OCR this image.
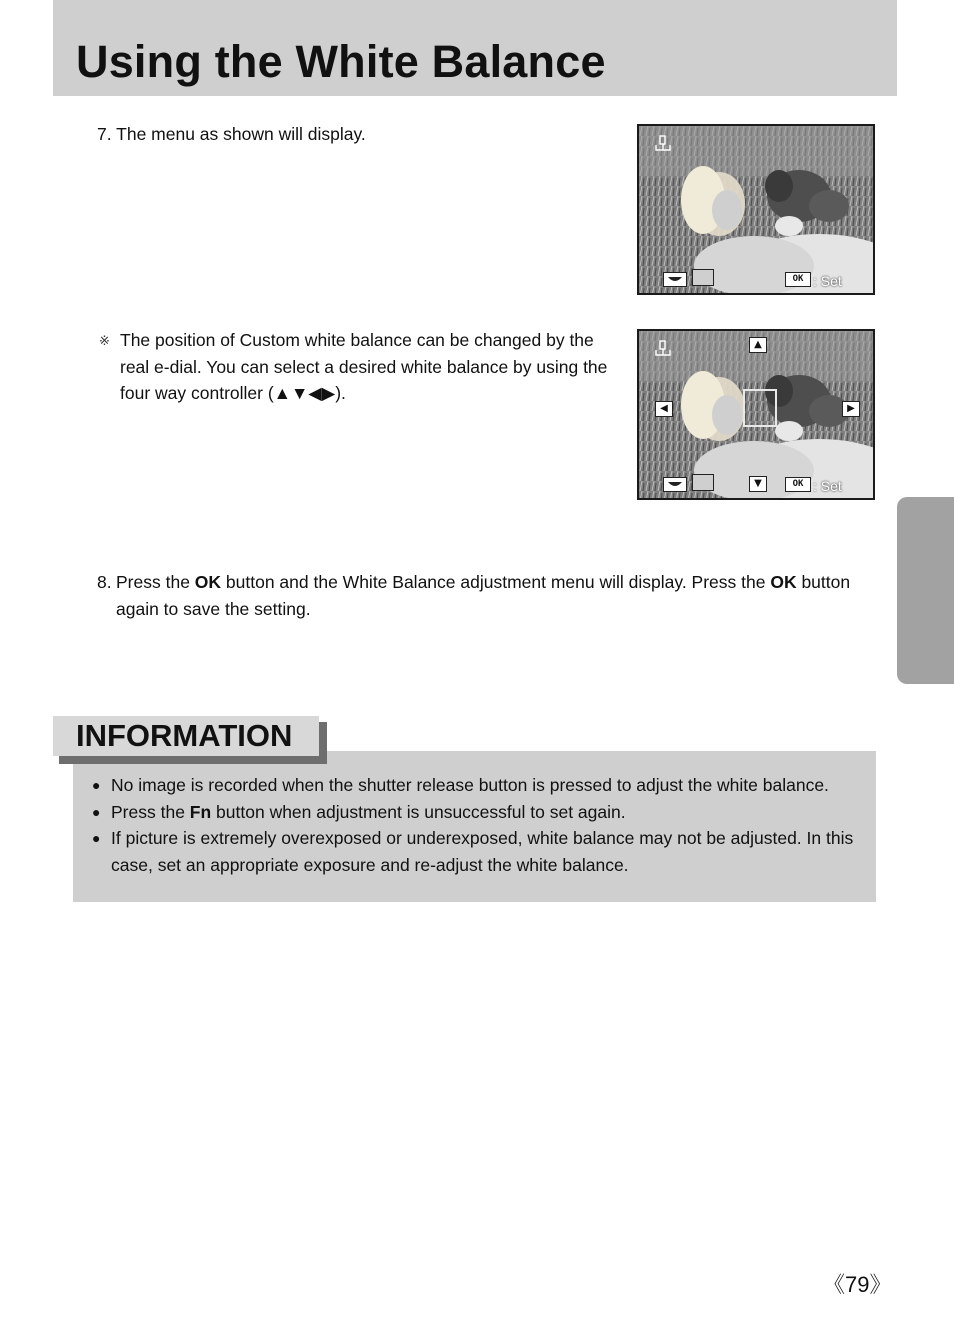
Using the White Balance
7. The menu as shown will display.
OK : Set
※ The position of Custom white balance can be changed by the real e-dial. You can select a desired white balance by using the four way controller (▲▼◀▶).
▲
◀	▶
▼	OK : Set
8. Press the OK button and the White Balance adjustment menu will display. Press the OK button again to save the setting.
INFORMATION
● No image is recorded when the shutter release button is pressed to adjust the white balance.
● Press the Fn button when adjustment is unsuccessful to set again.
● If picture is extremely overexposed or underexposed, white balance may not be adjusted. In this case, set an appropriate exposure and re-adjust the white balance.
《79》
